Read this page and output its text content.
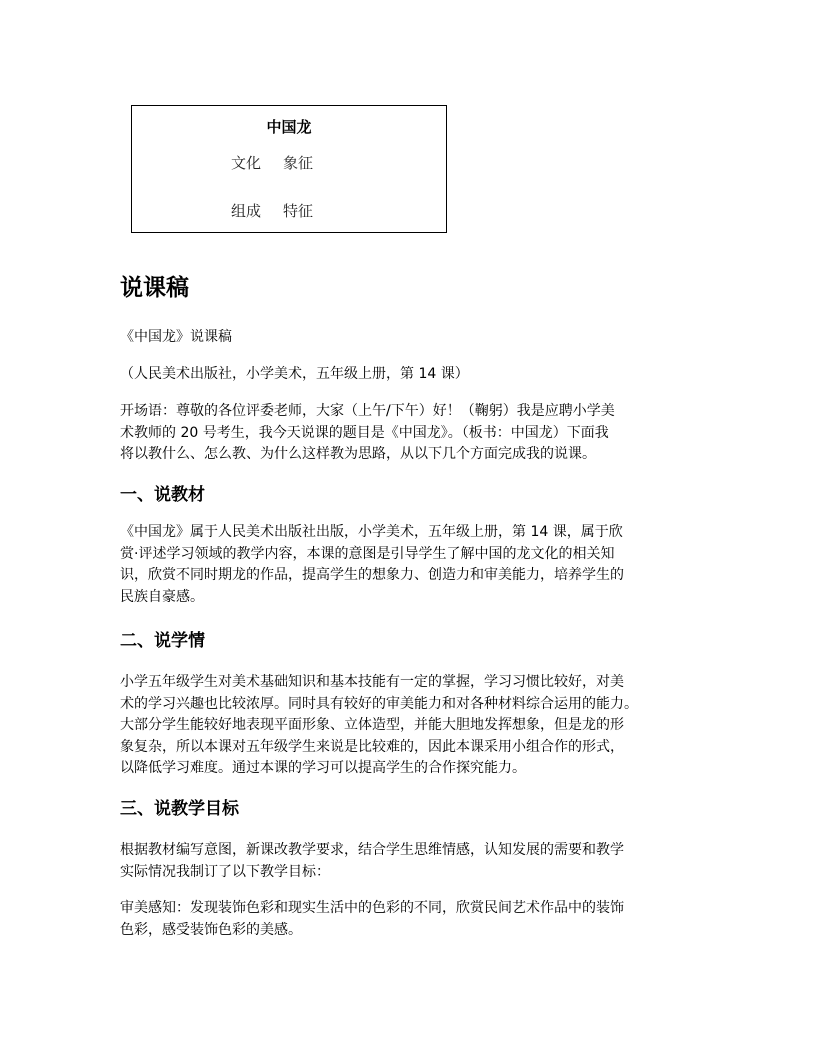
中国龙
文化 象征
组成 特征
说课稿

《中国龙》说课稿

（人民美术出版社，小学美术，五年级上册，第 14 课）

开场语：尊敬的各位评委老师，大家（上午/下午）好！（鞠躬）我是应聘小学美
术教师的 20 号考生，我今天说课的题目是《中国龙》。（板书：中国龙）下面我
将以教什么、怎么教、为什么这样教为思路，从以下几个方面完成我的说课。

一、说教材

《中国龙》属于人民美术出版社出版，小学美术，五年级上册，第 14 课，属于欣
赏·评述学习领域的教学内容，本课的意图是引导学生了解中国的龙文化的相关知
识，欣赏不同时期龙的作品，提高学生的想象力、创造力和审美能力，培养学生的
民族自豪感。

二、说学情

小学五年级学生对美术基础知识和基本技能有一定的掌握，学习习惯比较好，对美
术的学习兴趣也比较浓厚。同时具有较好的审美能力和对各种材料综合运用的能力。
大部分学生能较好地表现平面形象、立体造型，并能大胆地发挥想象，但是龙的形
象复杂，所以本课对五年级学生来说是比较难的，因此本课采用小组合作的形式，
以降低学习难度。通过本课的学习可以提高学生的合作探究能力。

三、说教学目标

根据教材编写意图，新课改教学要求，结合学生思维情感，认知发展的需要和教学
实际情况我制订了以下教学目标：

审美感知：发现装饰色彩和现实生活中的色彩的不同，欣赏民间艺术作品中的装饰
色彩，感受装饰色彩的美感。
